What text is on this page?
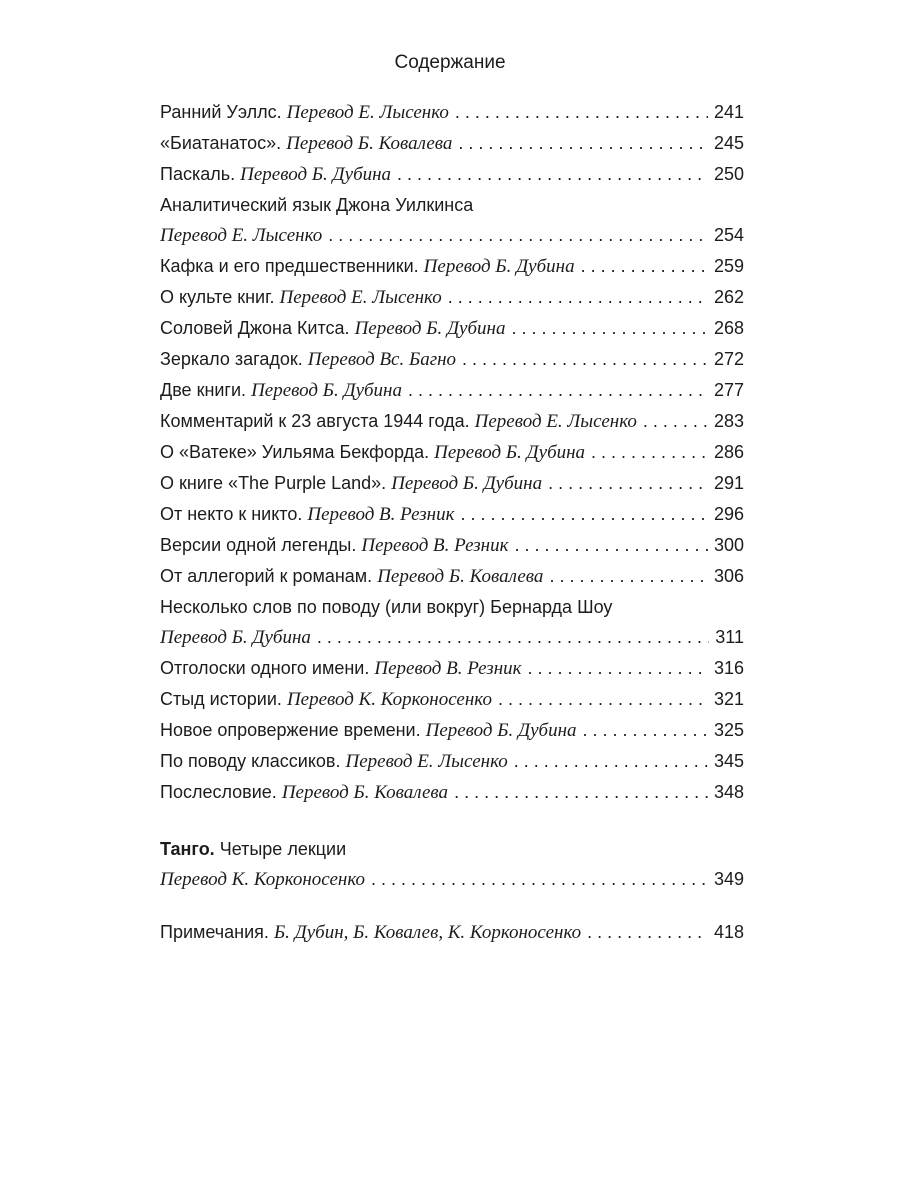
Содержание
Ранний Уэллс.
Перевод Е. Лысенко . . .	241
«Биатанатос».
Перевод Б. Ковалева . . .	245
Паскаль.
Перевод Б. Дубина . . .	250
Аналитический язык Джона Уилкинса
Перевод Е. Лысенко . . .	254
Кафка и его предшественники.
Перевод Б. Дубина . . .	259
О культе книг.
Перевод Е. Лысенко . . .	262
Соловей Джона Китса.
Перевод Б. Дубина . . .	268
Зеркало загадок.
Перевод Вс. Багно . . .	272
Две книги.
Перевод Б. Дубина . . .	277
Комментарий к 23 августа 1944 года.
Перевод Е. Лысенко . . .	283
О «Ватеке» Уильяма Бекфорда.
Перевод Б. Дубина . . .	286
О книге «The Purple Land».
Перевод Б. Дубина . . .	291
От некто к никто.
Перевод В. Резник . . .	296
Версии одной легенды.
Перевод В. Резник . . .	300
От аллегорий к романам.
Перевод Б. Ковалева . . .	306
Несколько слов по поводу (или вокруг) Бернарда Шоу
Перевод Б. Дубина . . .	311
Отголоски одного имени.
Перевод В. Резник . . .	316
Стыд истории.
Перевод К. Корконосенко . . .	321
Новое опровержение времени.
Перевод Б. Дубина . . .	325
По поводу классиков.
Перевод Е. Лысенко . . .	345
Послесловие.
Перевод Б. Ковалева . . .	348
Танго. Четыре лекции
Перевод К. Корконосенко . . .	349
Примечания.
Б. Дубин, Б. Ковалев, К. Корконосенко . . .	418
